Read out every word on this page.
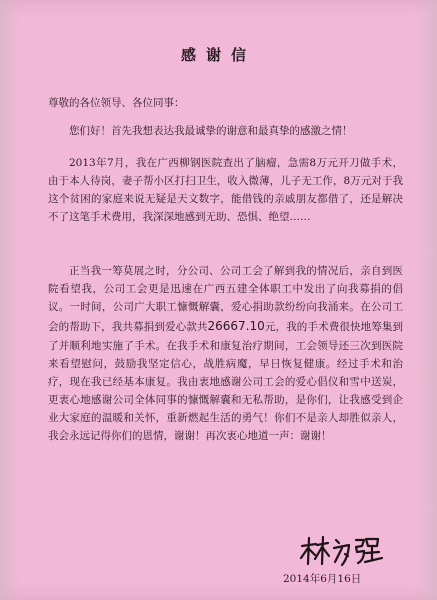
感谢信
尊敬的各位领导、各位同事：

您们好！首先我想表达我最诚挚的谢意和最真挚的感激之情！

2013年7月，我在广西柳钢医院查出了脑瘤，急需8万元开刀做手术，由于本人待岗，妻子帮小区打扫卫生，收入微薄，儿子无工作，8万元对于我这个贫困的家庭来说无疑是天文数字，能借钱的亲戚朋友都借了，还是解决不了这笔手术费用，我深深地感到无助、恐惧、绝望……

正当我一筹莫展之时，分公司、公司工会了解到我的情况后，亲自到医院看望我，公司工会更是迅速在广西五建全体职工中发出了向我募捐的倡议。一时间，公司广大职工慷慨解囊，爱心捐助款纷纷向我涌来。在公司工会的帮助下，我共募捐到爱心款共26667.10元，我的手术费很快地筹集到了并顺利地实施了手术。在我手术和康复治疗期间，工会领导还三次到医院来看望慰问，鼓励我坚定信心，战胜病魔，早日恢复健康。经过手术和治疗，现在我已经基本康复。我由衷地感谢公司工会的爱心倡仪和雪中送炭，更衷心地感谢公司全体同事的慷慨解囊和无私帮助，是你们，让我感受到企业大家庭的温暖和关怀，重新燃起生活的勇气！你们不是亲人却胜似亲人，我会永远记得你们的恩情，谢谢！再次衷心地道一声：谢谢！

2014年6月16日
